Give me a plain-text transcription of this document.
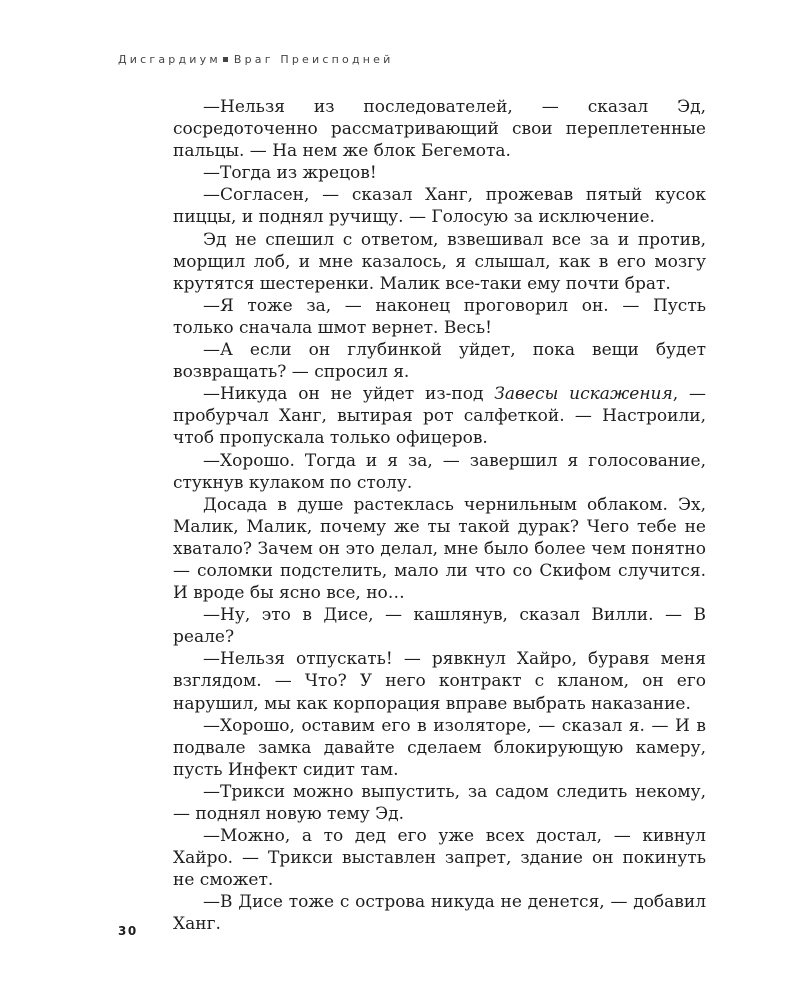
Дисгардиум Враг Преисподней

—Нельзя из последователей, — сказал Эд, сосредоточенно рассматривающий свои переплетенные пальцы. — На нем же блок Бегемота.

—Тогда из жрецов!

—Согласен, — сказал Ханг, прожевав пятый кусок пиццы, и поднял ручищу. — Голосую за исключение.

Эд не спешил с ответом, взвешивал все за и против, морщил лоб, и мне казалось, я слышал, как в его мозгу крутятся шестеренки. Малик все-таки ему почти брат.

—Я тоже за, — наконец проговорил он. — Пусть только сначала шмот вернет. Весь!

—А если он глубинкой уйдет, пока вещи будет возвращать? — спросил я.

—Никуда он не уйдет из-под Завесы искажения, — пробурчал Ханг, вытирая рот салфеткой. — Настроили, чтоб пропускала только офицеров.

—Хорошо. Тогда и я за, — завершил я голосование, стукнув кулаком по столу.

Досада в душе растеклась чернильным облаком. Эх, Малик, Малик, почему же ты такой дурак? Чего тебе не хватало? Зачем он это делал, мне было более чем понятно — соломки подстелить, мало ли что со Скифом случится. И вроде бы ясно все, но…

—Ну, это в Дисе, — кашлянув, сказал Вилли. — В реале?

—Нельзя отпускать! — рявкнул Хайро, буравя меня взглядом. — Что? У него контракт с кланом, он его нарушил, мы как корпорация вправе выбрать наказание.

—Хорошо, оставим его в изоляторе, — сказал я. — И в подвале замка давайте сделаем блокирующую камеру, пусть Инфект сидит там.

—Трикси можно выпустить, за садом следить некому, — поднял новую тему Эд.

—Можно, а то дед его уже всех достал, — кивнул Хайро. — Трикси выставлен запрет, здание он покинуть не сможет.

—В Дисе тоже с острова никуда не денется, — добавил Ханг.

30
